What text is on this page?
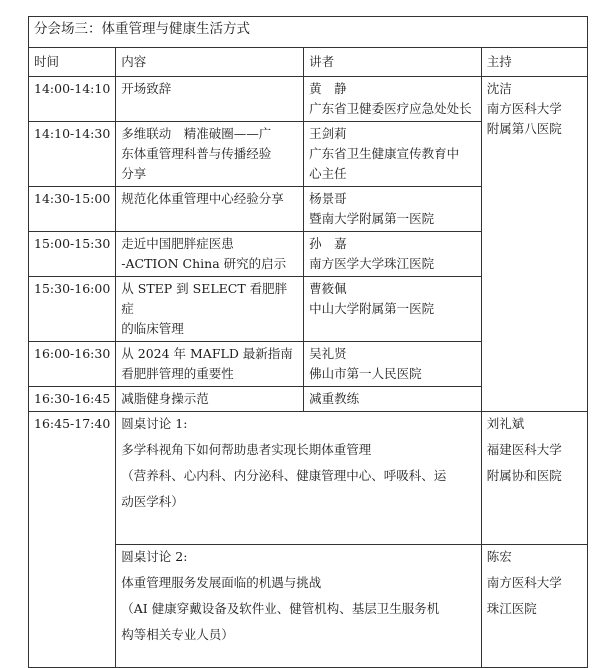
分会场三：体重管理与健康生活方式			
时间	内容	讲者	主持
14:00-14:10	开场致辞	黄　静
广东省卫健委医疗应急处处长	沈洁
南方医科大学
附属第八医院

14:10-14:30	多维联动　精准破圈——广
东体重管理科普与传播经验
分享	王剑莉
广东省卫生健康宣传教育中
心主任	

14:30-15:00	规范化体重管理中心经验分享	杨景哥
暨南大学附属第一医院	

15:00-15:30	走近中国肥胖症医患
-ACTION China 研究的启示	孙　嘉
南方医学大学珠江医院	

15:30-16:00	从 STEP 到 SELECT 看肥胖症
的临床管理	曹筱佩
中山大学附属第一医院	

16:00-16:30	从 2024 年 MAFLD 最新指南
看肥胖管理的重要性	吴礼贤
佛山市第一人民医院	

16:30-16:45	减脂健身操示范	减重教练	

16:45-17:40	圆桌讨论 1:
多学科视角下如何帮助患者实现长期体重管理
（营养科、心内科、内分泌科、健康管理中心、呼吸科、运
动医学科）		刘礼斌
福建医科大学
附属协和医院

	圆桌讨论 2:
体重管理服务发展面临的机遇与挑战
（AI 健康穿戴设备及软件业、健管机构、基层卫生服务机
构等相关专业人员）		陈宏
南方医科大学
珠江医院
